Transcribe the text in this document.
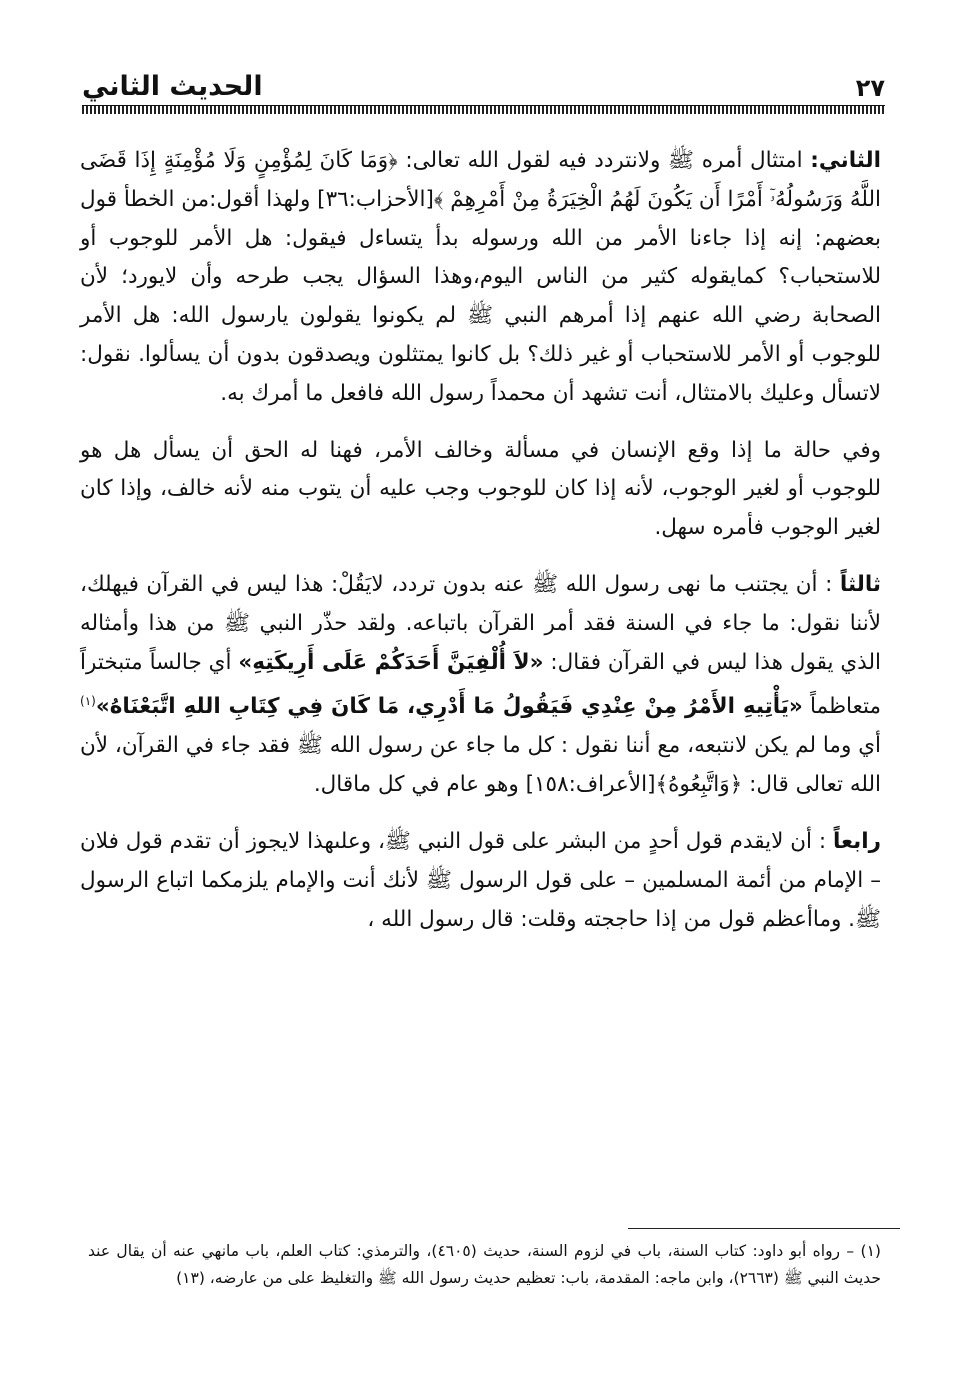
الحديث الثاني	٢٧

الثاني: امتثال أمره ﷺ ولانتردد فيه لقول الله تعالى: ﴿وَمَا كَانَ لِمُؤْمِنٍ وَلَا مُؤْمِنَةٍ إِذَا قَضَى اللَّهُ وَرَسُولُهُۥٓ أَمْرًا أَن يَكُونَ لَهُمُ الْخِيَرَةُ مِنْ أَمْرِهِمْ ﴾[الأحزاب:٣٦] ولهذا أقول:من الخطأ قول بعضهم: إنه إذا جاءنا الأمر من الله ورسوله بدأ يتساءل فيقول: هل الأمر للوجوب أو للاستحباب؟ كمايقوله كثير من الناس اليوم،وهذا السؤال يجب طرحه وأن لايورد؛ لأن الصحابة رضي الله عنهم إذا أمرهم النبي ﷺ لم يكونوا يقولون يارسول الله: هل الأمر للوجوب أو الأمر للاستحباب أو غير ذلك؟ بل كانوا يمتثلون ويصدقون بدون أن يسألوا. نقول: لاتسأل وعليك بالامتثال، أنت تشهد أن محمداً رسول الله فافعل ما أمرك به.

وفي حالة ما إذا وقع الإنسان في مسألة وخالف الأمر، فهنا له الحق أن يسأل هل هو للوجوب أو لغير الوجوب، لأنه إذا كان للوجوب وجب عليه أن يتوب منه لأنه خالف، وإذا كان لغير الوجوب فأمره سهل.

ثالثاً : أن يجتنب ما نهى رسول الله ﷺ عنه بدون تردد، لايَقُلْ: هذا ليس في القرآن فيهلك، لأننا نقول: ما جاء في السنة فقد أمر القرآن باتباعه. ولقد حذّر النبي ﷺ من هذا وأمثاله الذي يقول هذا ليس في القرآن فقال: «لاَ أُلْفِيَنَّ أَحَدَكُمْ عَلَى أَرِيكَتِهِ» أي جالساً متبختراً متعاظماً «يَأْتِيهِ الأَمْرُ مِنْ عِنْدِي فَيَقُولُ مَا أَدْرِي، مَا كَانَ فِي كِتَابِ اللهِ اتَّبَعْنَاهُ»$^{(١)}$ أي وما لم يكن لانتبعه، مع أننا نقول : كل ما جاء عن رسول الله ﷺ فقد جاء في القرآن، لأن الله تعالى قال: ﴿وَاتَّبِعُوهُ﴾[الأعراف:١٥٨] وهو عام في كل ماقال.

رابعاً : أن لايقدم قول أحدٍ من البشر على قول النبي ﷺ، وعلىهذا لايجوز أن تقدم قول فلان – الإمام من أئمة المسلمين – على قول الرسول ﷺ لأنك أنت والإمام يلزمكما اتباع الرسول ﷺ. وماأعظم قول من إذا حاججته وقلت: قال رسول الله ،

(١) – رواه أبو داود: كتاب السنة، باب في لزوم السنة، حديث (٤٦٠٥)، والترمذي: كتاب العلم، باب مانهي عنه أن يقال عند حديث النبي ﷺ (٢٦٦٣)، وابن ماجه: المقدمة، باب: تعظيم حديث رسول الله ﷺ والتغليظ على من عارضه، (١٣)
